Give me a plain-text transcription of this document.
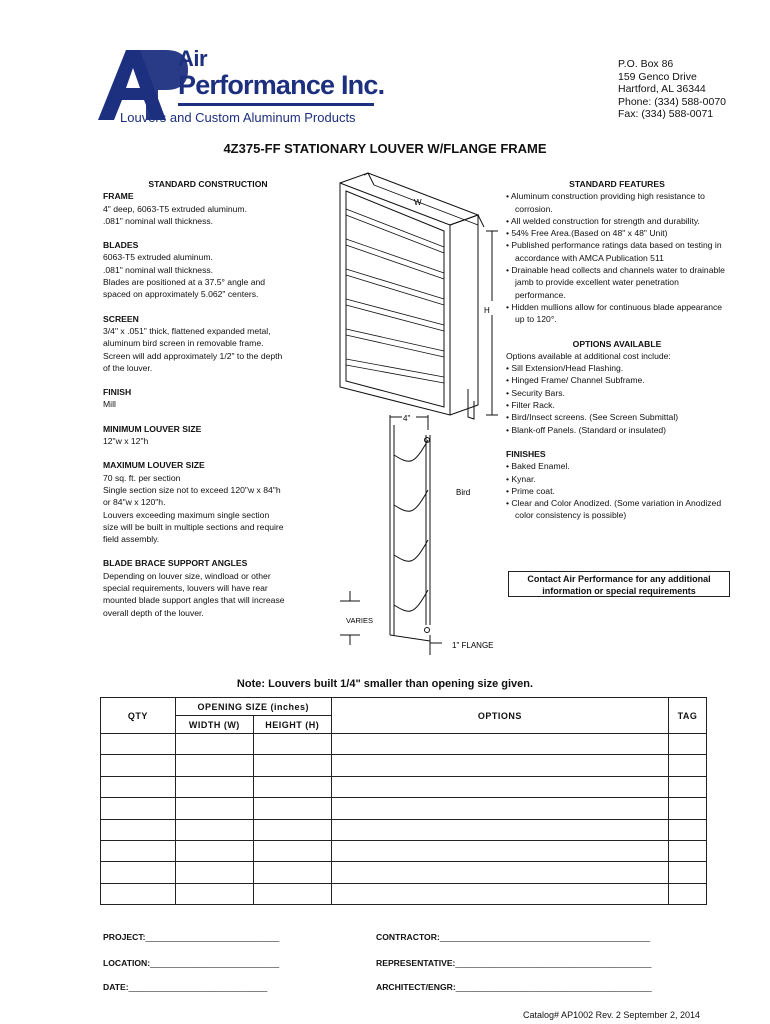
Air
Performance Inc.
Louvers and Custom Aluminum Products
P.O. Box 86
159 Genco Drive
Hartford, AL 36344
Phone: (334) 588-0070
Fax: (334) 588-0071
4Z375-FF STATIONARY LOUVER W/FLANGE FRAME
STANDARD CONSTRUCTION
FRAME
4" deep, 6063-T5 extruded aluminum.
.081" nominal wall thickness.
BLADES
6063-T5 extruded aluminum.
.081" nominal wall thickness.
Blades are positioned at a 37.5° angle and
spaced on approximately 5.062" centers.
SCREEN
3/4" x .051" thick, flattened expanded metal,
aluminum bird screen in removable frame.
Screen will add approximately 1/2" to the depth
of the louver.
FINISH
Mill
MINIMUM LOUVER SIZE
12"w x 12"h
MAXIMUM LOUVER SIZE
70 sq. ft. per section
Single section size not to exceed 120"w x 84"h
or 84"w x 120"h.
Louvers exceeding maximum single section
size will be built in multiple sections and require
field assembly.
BLADE BRACE SUPPORT ANGLES
Depending on louver size, windload or other
special requirements, louvers will have rear
mounted blade support angles that will increase
overall depth of the louver.
W
H
4"
Bird
VARIES
1" FLANGE
STANDARD FEATURES
• Aluminum construction providing high resistance to corrosion.
• All welded construction for strength and durability.
• 54% Free Area.(Based on 48" x 48" Unit)
• Published performance ratings data based on testing in accordance with AMCA Publication 511
• Drainable head collects and channels water to drainable jamb to provide excellent water penetration performance.
• Hidden mullions allow for continuous blade appearance up to 120°.
OPTIONS AVAILABLE
Options available at additional cost include:
• Sill Extension/Head Flashing.
• Hinged Frame/ Channel Subframe.
• Security Bars.
• Filter Rack.
• Bird/Insect screens. (See Screen Submittal)
• Blank-off Panels. (Standard or insulated)
FINISHES
• Baked Enamel.
• Kynar.
• Prime coat.
• Clear and Color Anodized. (Some variation in Anodized color consistency is possible)
Contact Air Performance for any additional
information or special requirements
Note: Louvers built 1/4" smaller than opening size given.
QTY	OPENING SIZE (inches)		OPTIONS	TAG
	WIDTH (W)	HEIGHT (H)		

PROJECT:____________________________	CONTRACTOR:____________________________________________
LOCATION:___________________________	REPRESENTATIVE:_________________________________________
DATE:_____________________________	ARCHITECT/ENGR:_________________________________________
Catalog# AP1002 Rev. 2 September 2, 2014
